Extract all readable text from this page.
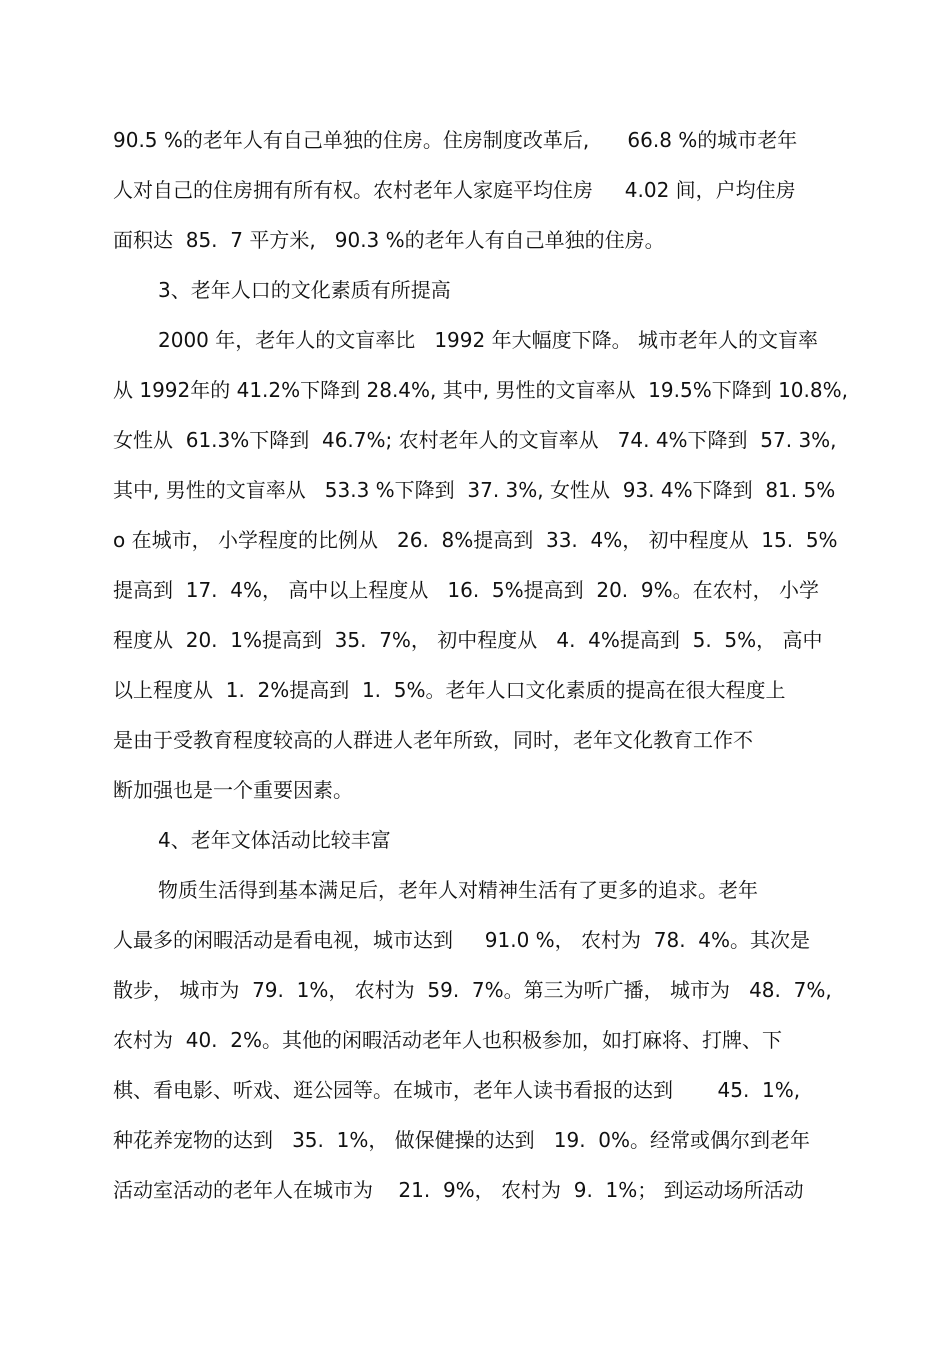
90.5 %的老年人有自己单独的住房。住房制度改革后,      66.8 %的城市老年
人对自己的住房拥有所有权。农村老年人家庭平均住房     4.02 间，户均住房
面积达  85.  7 平方米,   90.3 %的老年人有自己单独的住房。
3、老年人口的文化素质有所提高
2000 年，老年人的文盲率比   1992 年大幅度下降。 城市老年人的文盲率
从 1992年的 41.2%下降到 28.4%, 其中, 男性的文盲率从  19.5%下降到 10.8%,
女性从  61.3%下降到  46.7%; 农村老年人的文盲率从   74. 4%下降到  57. 3%,
其中, 男性的文盲率从   53.3 %下降到  37. 3%, 女性从  93. 4%下降到  81. 5%
o 在城市， 小学程度的比例从   26.  8%提高到  33.  4%， 初中程度从  15.  5%
提高到  17.  4%， 高中以上程度从   16.  5%提高到  20.  9%。在农村， 小学
程度从  20.  1%提高到  35.  7%， 初中程度从   4.  4%提高到  5.  5%， 高中
以上程度从  1.  2%提高到  1.  5%。老年人口文化素质的提高在很大程度上
是由于受教育程度较高的人群进人老年所致，同时，老年文化教育工作不
断加强也是一个重要因素。
4、老年文体活动比较丰富
物质生活得到基本满足后，老年人对精神生活有了更多的追求。老年
人最多的闲暇活动是看电视，城市达到     91.0 %， 农村为  78.  4%。其次是
散步， 城市为  79.  1%， 农村为  59.  7%。第三为听广播， 城市为   48.  7%,
农村为  40.  2%。其他的闲暇活动老年人也积极参加，如打麻将、打牌、下
棋、看电影、听戏、逛公园等。在城市，老年人读书看报的达到       45.  1%,
种花养宠物的达到   35.  1%， 做保健操的达到   19.  0%。经常或偶尔到老年
活动室活动的老年人在城市为    21.  9%， 农村为  9.  1%； 到运动场所活动
